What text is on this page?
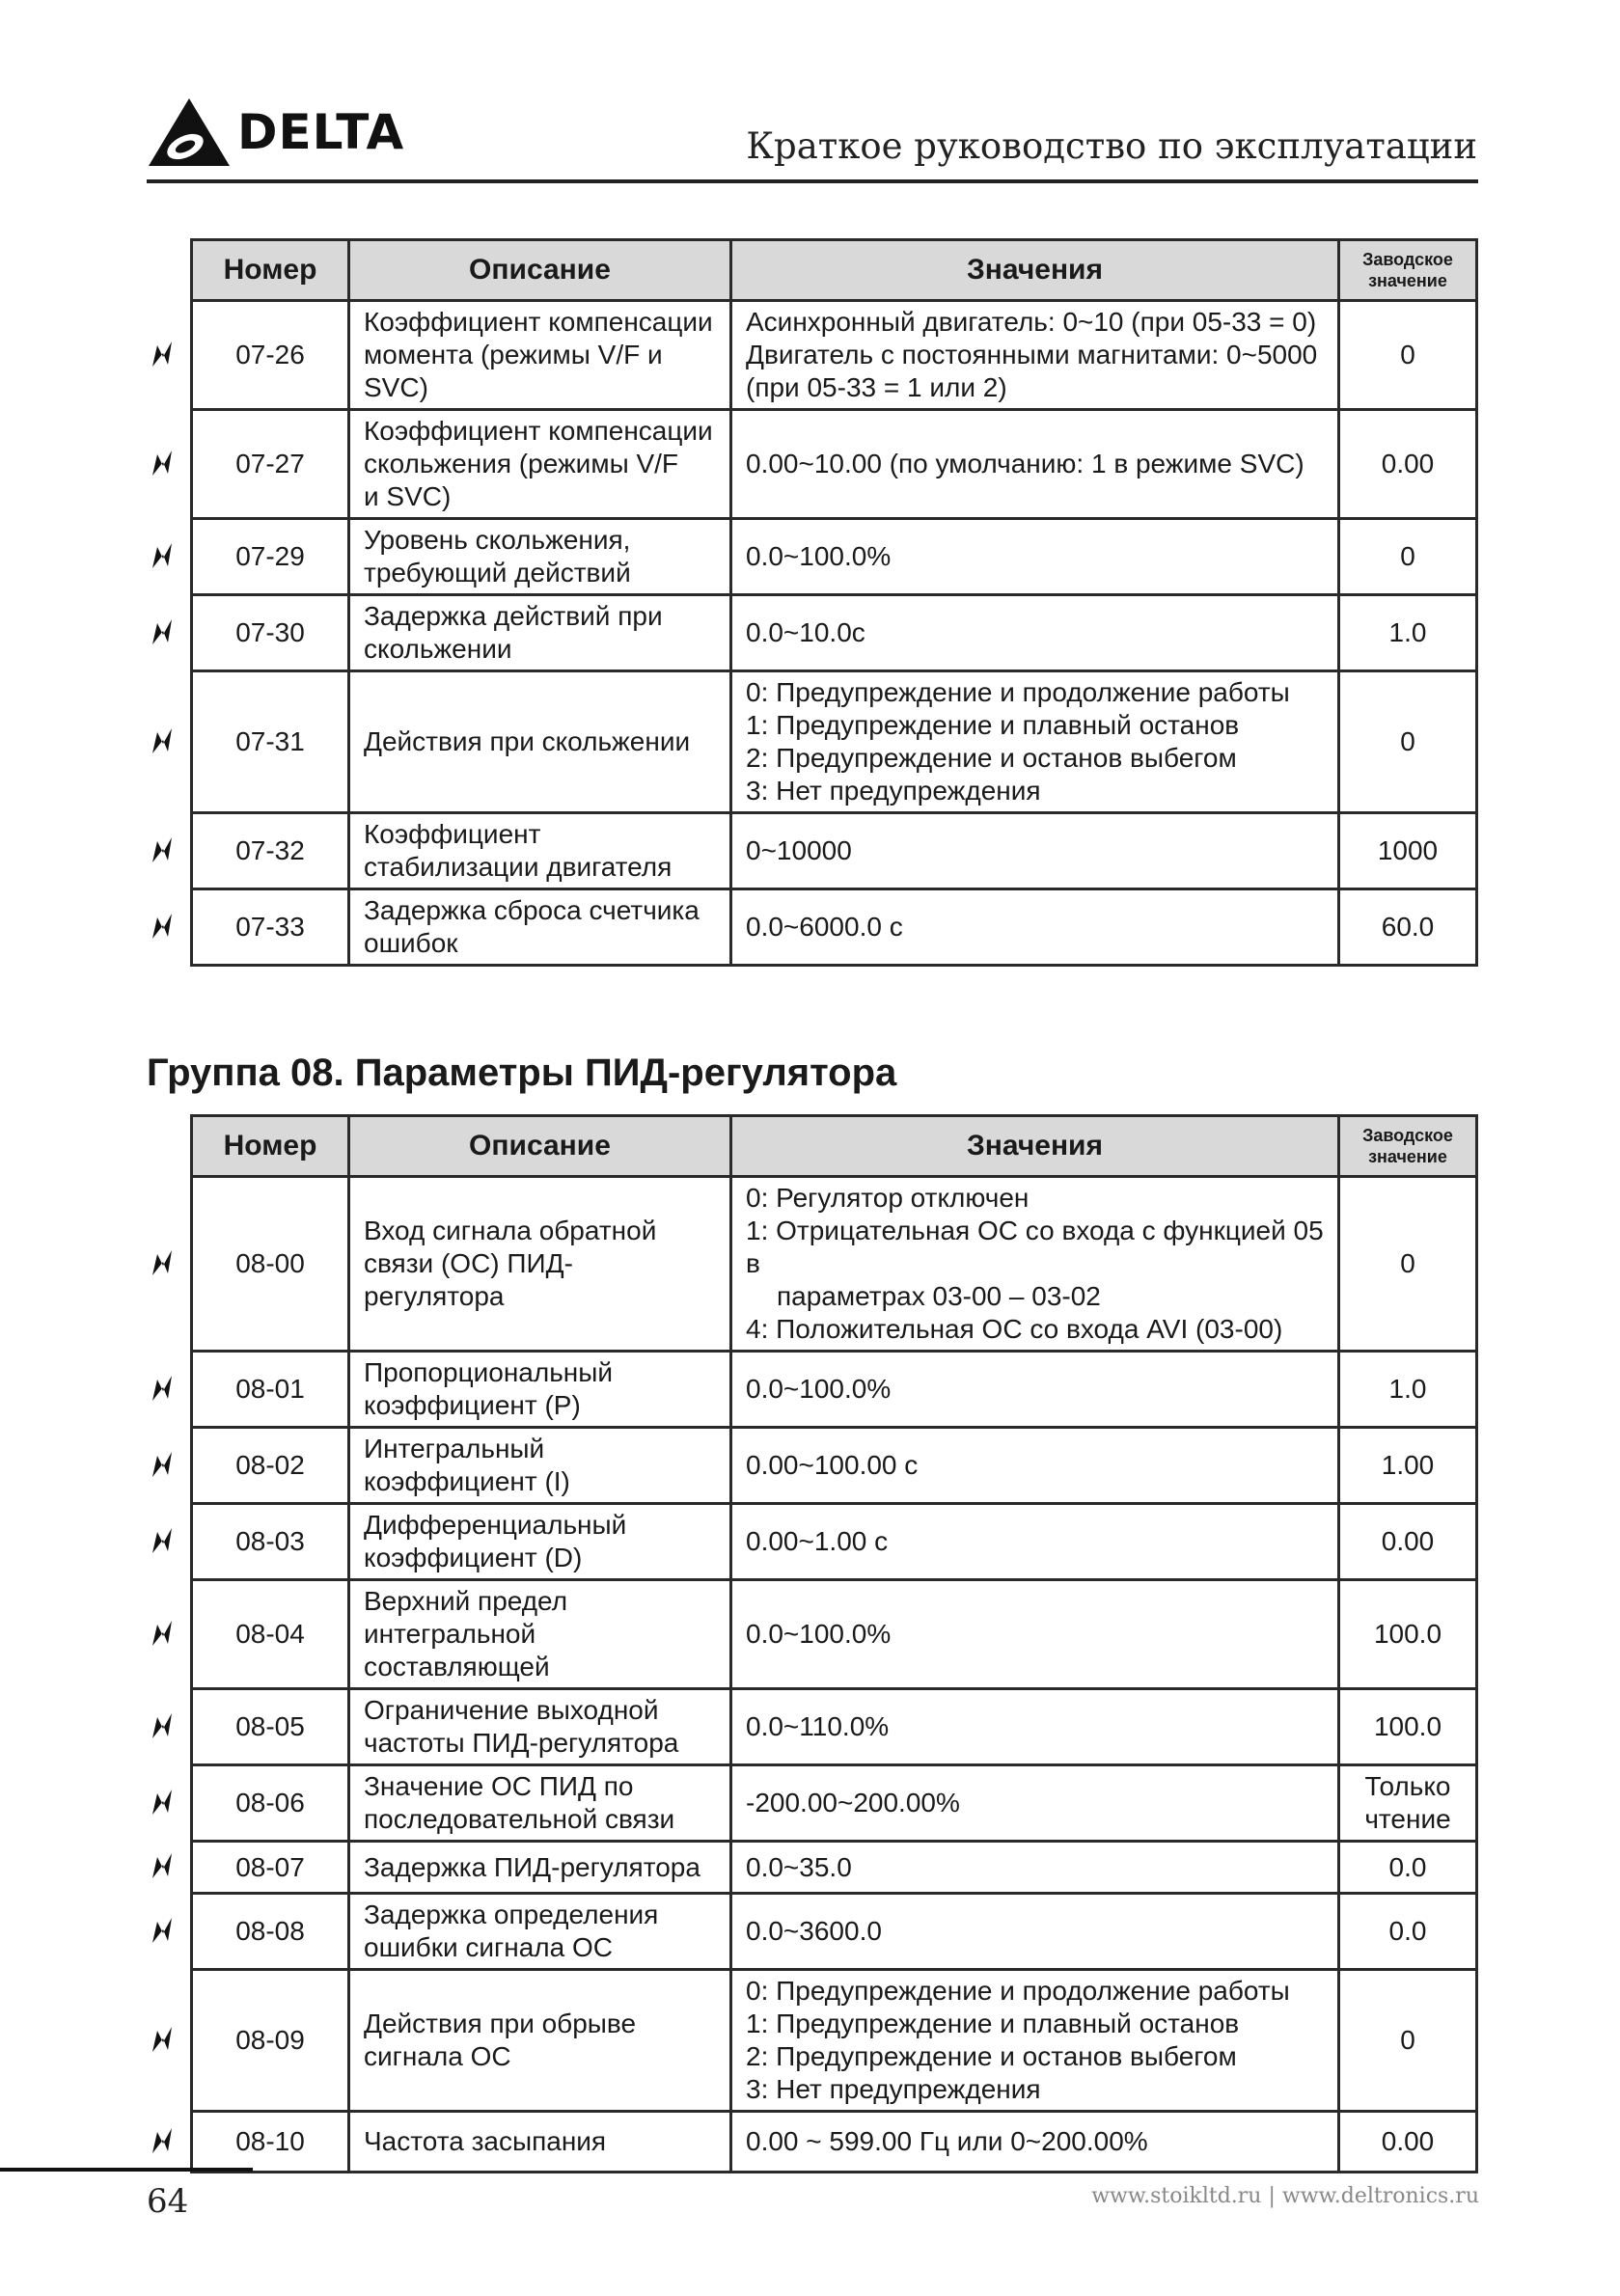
DELTA	Краткое руководство по эксплуатации
Номер	Описание	Значения	Заводское
значение

07-26	Коэффициент компенсации
момента (режимы V/F и
SVC)	Асинхронный двигатель: 0~10 (при 05-33 = 0)
Двигатель с постоянными магнитами: 0~5000
(при 05-33 = 1 или 2)	0

07-27	Коэффициент компенсации
скольжения (режимы V/F
и SVC)	0.00~10.00 (по умолчанию: 1 в режиме SVC)	0.00

07-29	Уровень скольжения,
требующий действий	0.0~100.0%	0

07-30	Задержка действий при
скольжении	0.0~10.0с	1.0

07-31	Действия при скольжении	0: Предупреждение и продолжение работы
1: Предупреждение и плавный останов
2: Предупреждение и останов выбегом
3: Нет предупреждения	0

07-32	Коэффициент
стабилизации двигателя	0~10000	1000

07-33	Задержка сброса счетчика
ошибок	0.0~6000.0 с	60.0
Группа 08. Параметры ПИД-регулятора
Номер	Описание	Значения	Заводское
значение

08-00	Вход сигнала обратной
связи (ОС) ПИД-
регулятора	0: Регулятор отключен
1: Отрицательная ОС со входа с функцией 05 в
параметрах 03-00 – 03-02
4: Положительная ОС со входа AVI (03-00)	0

08-01	Пропорциональный
коэффициент (P)	0.0~100.0%	1.0

08-02	Интегральный
коэффициент (I)	0.00~100.00 с	1.00

08-03	Дифференциальный
коэффициент (D)	0.00~1.00 с	0.00

08-04	Верхний предел
интегральной
составляющей	0.0~100.0%	100.0

08-05	Ограничение выходной
частоты ПИД-регулятора	0.0~110.0%	100.0

08-06	Значение ОС ПИД по
последовательной связи	-200.00~200.00%	Только
чтение

08-07	Задержка ПИД-регулятора	0.0~35.0	0.0

08-08	Задержка определения
ошибки сигнала ОС	0.0~3600.0	0.0

08-09	Действия при обрыве
сигнала ОС	0: Предупреждение и продолжение работы
1: Предупреждение и плавный останов
2: Предупреждение и останов выбегом
3: Нет предупреждения	0

08-10	Частота засыпания	0.00 ~ 599.00 Гц или 0~200.00%	0.00
64	www.stoikltd.ru | www.deltronics.ru
